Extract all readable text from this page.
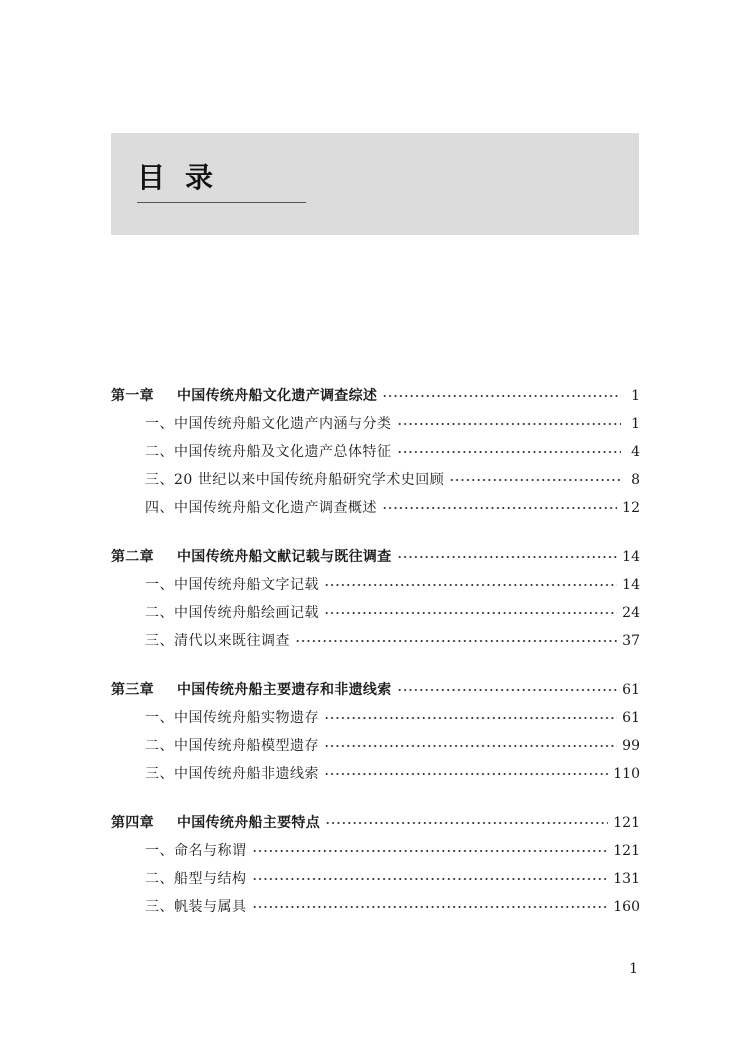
目录
第一章	中国传统舟船文化遗产调查综述	1
一、中国传统舟船文化遗产内涵与分类	1
二、中国传统舟船及文化遗产总体特征	4
三、20 世纪以来中国传统舟船研究学术史回顾	8
四、中国传统舟船文化遗产调查概述	12
第二章	中国传统舟船文献记载与既往调查	14
一、中国传统舟船文字记载	14
二、中国传统舟船绘画记载	24
三、清代以来既往调查	37
第三章	中国传统舟船主要遗存和非遗线索	61
一、中国传统舟船实物遗存	61
二、中国传统舟船模型遗存	99
三、中国传统舟船非遗线索	110
第四章	中国传统舟船主要特点	121
一、命名与称谓	121
二、船型与结构	131
三、帆装与属具	160
1
